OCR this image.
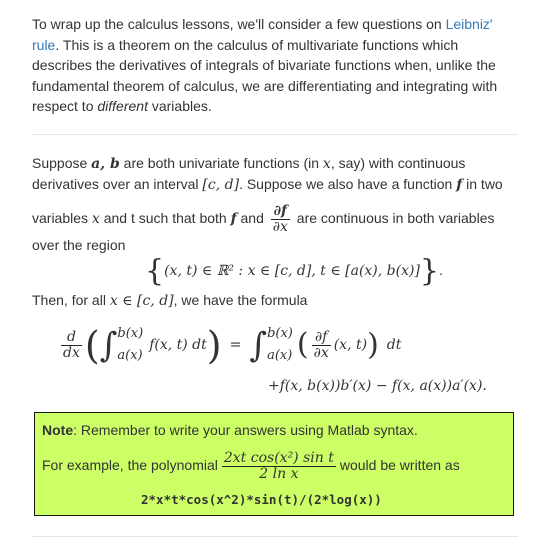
To wrap up the calculus lessons, we'll consider a few questions on Leibniz' rule. This is a theorem on the calculus of multivariate functions which describes the derivatives of integrals of bivariate functions when, unlike the fundamental theorem of calculus, we are differentiating and integrating with respect to different variables.
Suppose a, b are both univariate functions (in x, say) with continuous
derivatives over an interval [c, d]. Suppose we also have a function f in two
variables x and t such that both f and $\frac{\partial f}{\partial x}$ are continuous in both variables
over the region
{(x, t) ∈ ℝ² : x ∈ [c, d], t ∈ [a(x), b(x)]}.
Then, for all x ∈ [c, d], we have the formula
$\frac{d}{dx}$ (∫ b(x)
a(x)
f(x, t) dt) = ∫ b(x)
a(x) ( $\frac{\partial f}{\partial x} (x$, t)) dt
+f(x, b(x))b′(x) − f(x, a(x))a′(x).
Note: Remember to write your answers using Matlab syntax.
For example, the polynomial $\frac{\text{2xt cos(x²) sin t}}{\text{2 ln x}}$ would be written as
2*x*t*cos(x^2)*sin(t)/(2*log(x))
